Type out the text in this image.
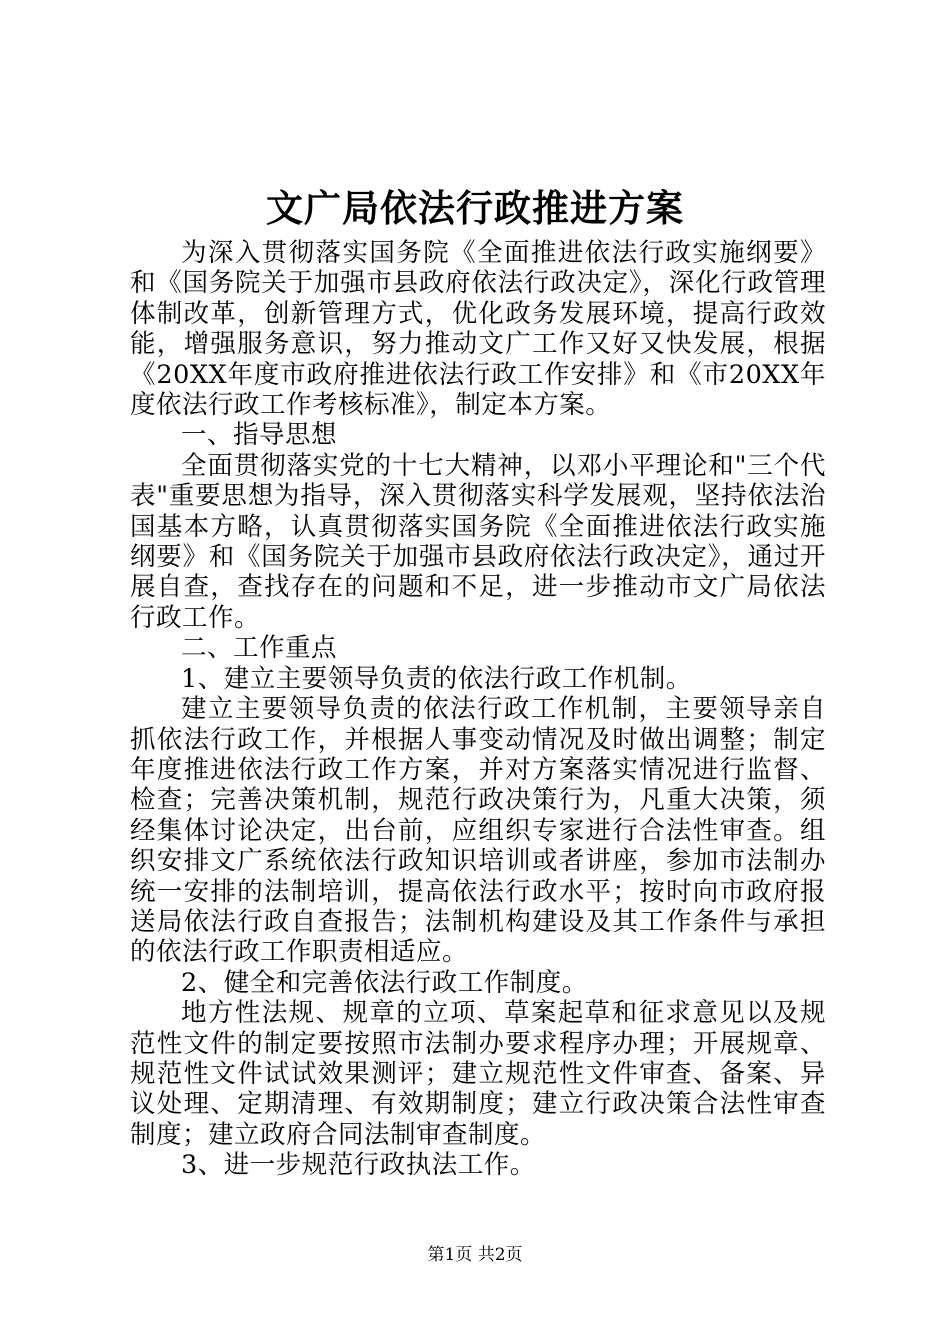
文广局依法行政推进方案

为深入贯彻落实国务院《全面推进依法行政实施纲要》和《国务院关于加强市县政府依法行政决定》，深化行政管理体制改革，创新管理方式，优化政务发展环境，提高行政效能，增强服务意识，努力推动文广工作又好又快发展，根据《20XX年度市政府推进依法行政工作安排》和《市20XX年度依法行政工作考核标准》，制定本方案。

一、指导思想

全面贯彻落实党的十七大精神，以邓小平理论和"三个代表"重要思想为指导，深入贯彻落实科学发展观，坚持依法治国基本方略，认真贯彻落实国务院《全面推进依法行政实施纲要》和《国务院关于加强市县政府依法行政决定》，通过开展自查，查找存在的问题和不足，进一步推动市文广局依法行政工作。

二、工作重点

1、建立主要领导负责的依法行政工作机制。

建立主要领导负责的依法行政工作机制，主要领导亲自抓依法行政工作，并根据人事变动情况及时做出调整；制定年度推进依法行政工作方案，并对方案落实情况进行监督、检查；完善决策机制，规范行政决策行为，凡重大决策，须经集体讨论决定，出台前，应组织专家进行合法性审查。组织安排文广系统依法行政知识培训或者讲座，参加市法制办统一安排的法制培训，提高依法行政水平；按时向市政府报送局依法行政自查报告；法制机构建设及其工作条件与承担的依法行政工作职责相适应。

2、健全和完善依法行政工作制度。

地方性法规、规章的立项、草案起草和征求意见以及规范性文件的制定要按照市法制办要求程序办理；开展规章、规范性文件试试效果测评；建立规范性文件审查、备案、异议处理、定期清理、有效期制度；建立行政决策合法性审查制度；建立政府合同法制审查制度。

3、进一步规范行政执法工作。

第1页 共2页
